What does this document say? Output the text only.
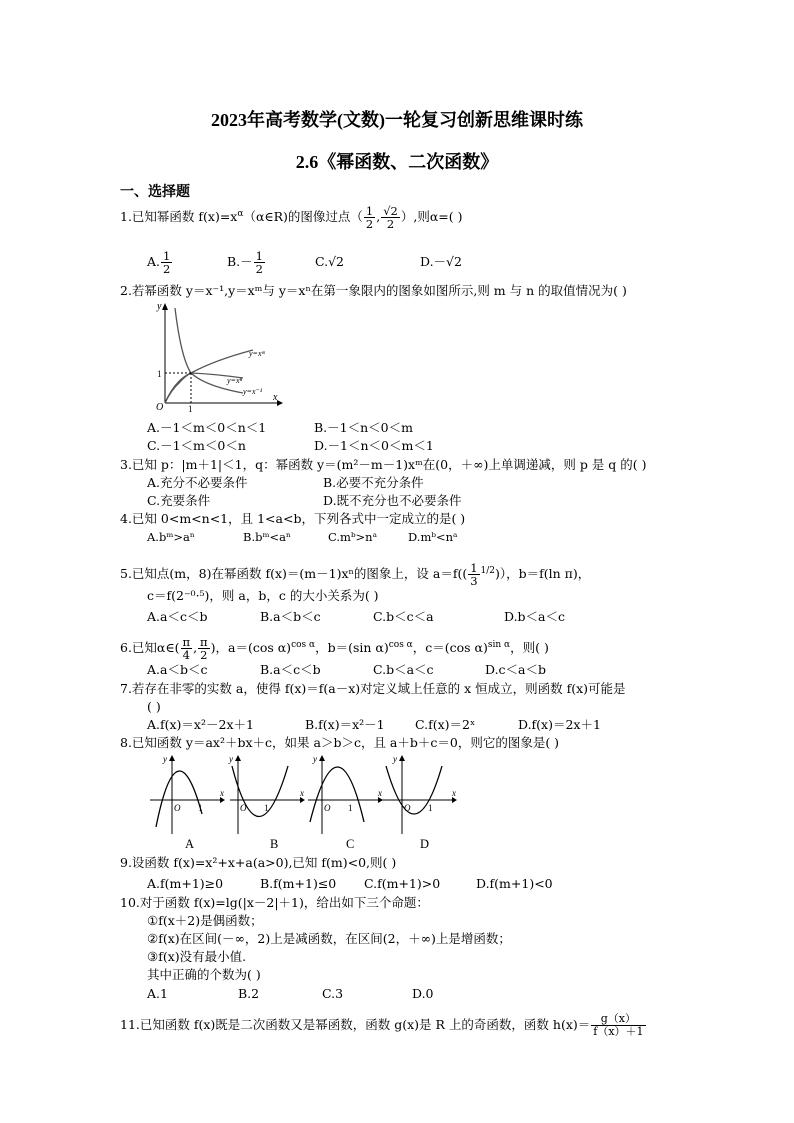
2023年高考数学(文数)一轮复习创新思维课时练
2.6《幂函数、二次函数》
一、选择题
1.已知幂函数 $f(x)=x^\alpha(\alpha\in R)$的图像过点（ $\frac{1}{2}$ , $\frac{√2}{2}$ ）,则α=( )
A. $\frac{1}{2}$	$B.- \frac{1}{2}$	C.√2	D.－√2
2.若幂函数 y＝x⁻¹,y＝xᵐ与 y＝xⁿ在第一象限内的图象如图所示,则 m 与 n 的取值情况为( )
y
x
O	1
1
y=xᵐ
y=xⁿ
y=x⁻¹
A.－1＜m＜0＜n＜1	B.－1＜n＜0＜m
C.－1＜m＜0＜n	D.－1＜n＜0＜m＜1
3.已知 p：|m＋1|＜1，q：幂函数 y＝(m²－m－1)xᵐ在(0，＋∞)上单调递减，则 p 是 q 的( )
A.充分不必要条件	B.必要不充分条件
C.充要条件	D.既不充分也不必要条件
4.已知 0<m<n<1，且 1<a<b，下列各式中一定成立的是( )
A.bᵐ>aⁿ	B.bᵐ<aⁿ	C.mᵇ>nᵃ	D.mᵇ<nᵃ
5.已知点(m，8)在幂函数 f(x)＝(m－1)xⁿ的图象上，设 $a=f(( \frac{1}{3} ^{1/2}))$，b＝f(ln π)，
c＝f(2⁻⁰·⁵)，则 a，b，c 的大小关系为( )
A.a＜c＜b	B.a＜b＜c	C.b＜c＜a	D.b＜a＜c
6.已知α∈( $\frac{\pi}{4}$ , $\frac{\pi}{2}$ )，a＝(cos α)$^{cos \alpha}$，b＝(sin α)$^{cos \alpha}$，c＝(cos α)$^{sin \alpha}$，则( )
A.a＜b＜c	B.a＜c＜b	C.b＜a＜c	D.c＜a＜b
7.若存在非零的实数 a，使得 f(x)＝f(a－x)对定义域上任意的 x 恒成立，则函数 f(x)可能是
( )
A.f(x)＝x²－2x＋1	B.f(x)＝x²－1 C.f(x)＝2ˣ	D.f(x)＝2x＋1
8.已知函数 y＝ax²＋bx＋c，如果 a＞b＞c，且 a＋b＋c＝0，则它的图象是( )
y
x
O 1
y
x
O 1
y
x
O 1
y
x
O 1
A	B	C	D
9.设函数 f(x)=x²+x+a(a>0),已知 f(m)<0,则( )
A.f(m+1)≥0	B.f(m+1)≤0 C.f(m+1)>0	D.f(m+1)<0
10.对于函数 f(x)=lg(|x－2|＋1)，给出如下三个命题：
①f(x＋2)是偶函数；
②f(x)在区间(－∞，2)上是减函数，在区间(2，＋∞)上是增函数；
③f(x)没有最小值.
其中正确的个数为( )
A.1	B.2	C.3	D.0
11.已知函数 f(x)既是二次函数又是幂函数，函数 g(x)是 R 上的奇函数，函数 $h(x)= \frac{g(x)}{f(x)+1}$
